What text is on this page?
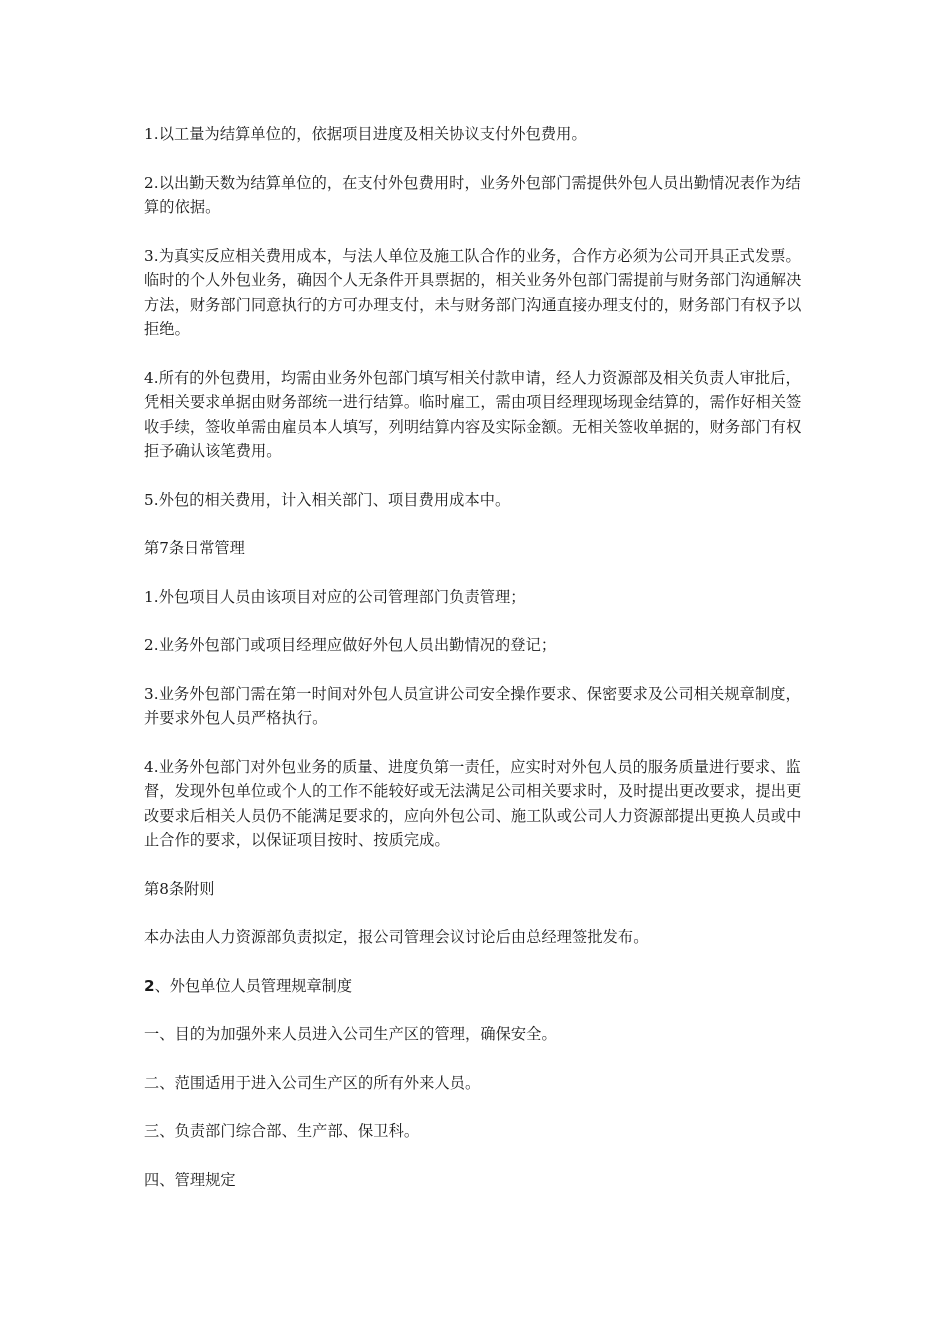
1.以工量为结算单位的，依据项目进度及相关协议支付外包费用。

2.以出勤天数为结算单位的，在支付外包费用时，业务外包部门需提供外包人员出勤情况表作为结算的依据。

3.为真实反应相关费用成本，与法人单位及施工队合作的业务，合作方必须为公司开具正式发票。临时的个人外包业务，确因个人无条件开具票据的，相关业务外包部门需提前与财务部门沟通解决方法，财务部门同意执行的方可办理支付，未与财务部门沟通直接办理支付的，财务部门有权予以拒绝。

4.所有的外包费用，均需由业务外包部门填写相关付款申请，经人力资源部及相关负责人审批后，凭相关要求单据由财务部统一进行结算。临时雇工，需由项目经理现场现金结算的，需作好相关签收手续，签收单需由雇员本人填写，列明结算内容及实际金额。无相关签收单据的，财务部门有权拒予确认该笔费用。

5.外包的相关费用，计入相关部门、项目费用成本中。

第7条日常管理

1.外包项目人员由该项目对应的公司管理部门负责管理；

2.业务外包部门或项目经理应做好外包人员出勤情况的登记；

3.业务外包部门需在第一时间对外包人员宣讲公司安全操作要求、保密要求及公司相关规章制度，并要求外包人员严格执行。

4.业务外包部门对外包业务的质量、进度负第一责任，应实时对外包人员的服务质量进行要求、监督，发现外包单位或个人的工作不能较好或无法满足公司相关要求时，及时提出更改要求，提出更改要求后相关人员仍不能满足要求的，应向外包公司、施工队或公司人力资源部提出更换人员或中止合作的要求，以保证项目按时、按质完成。

第8条附则

本办法由人力资源部负责拟定，报公司管理会议讨论后由总经理签批发布。

2、外包单位人员管理规章制度

一、目的为加强外来人员进入公司生产区的管理，确保安全。

二、范围适用于进入公司生产区的所有外来人员。

三、负责部门综合部、生产部、保卫科。

四、管理规定
